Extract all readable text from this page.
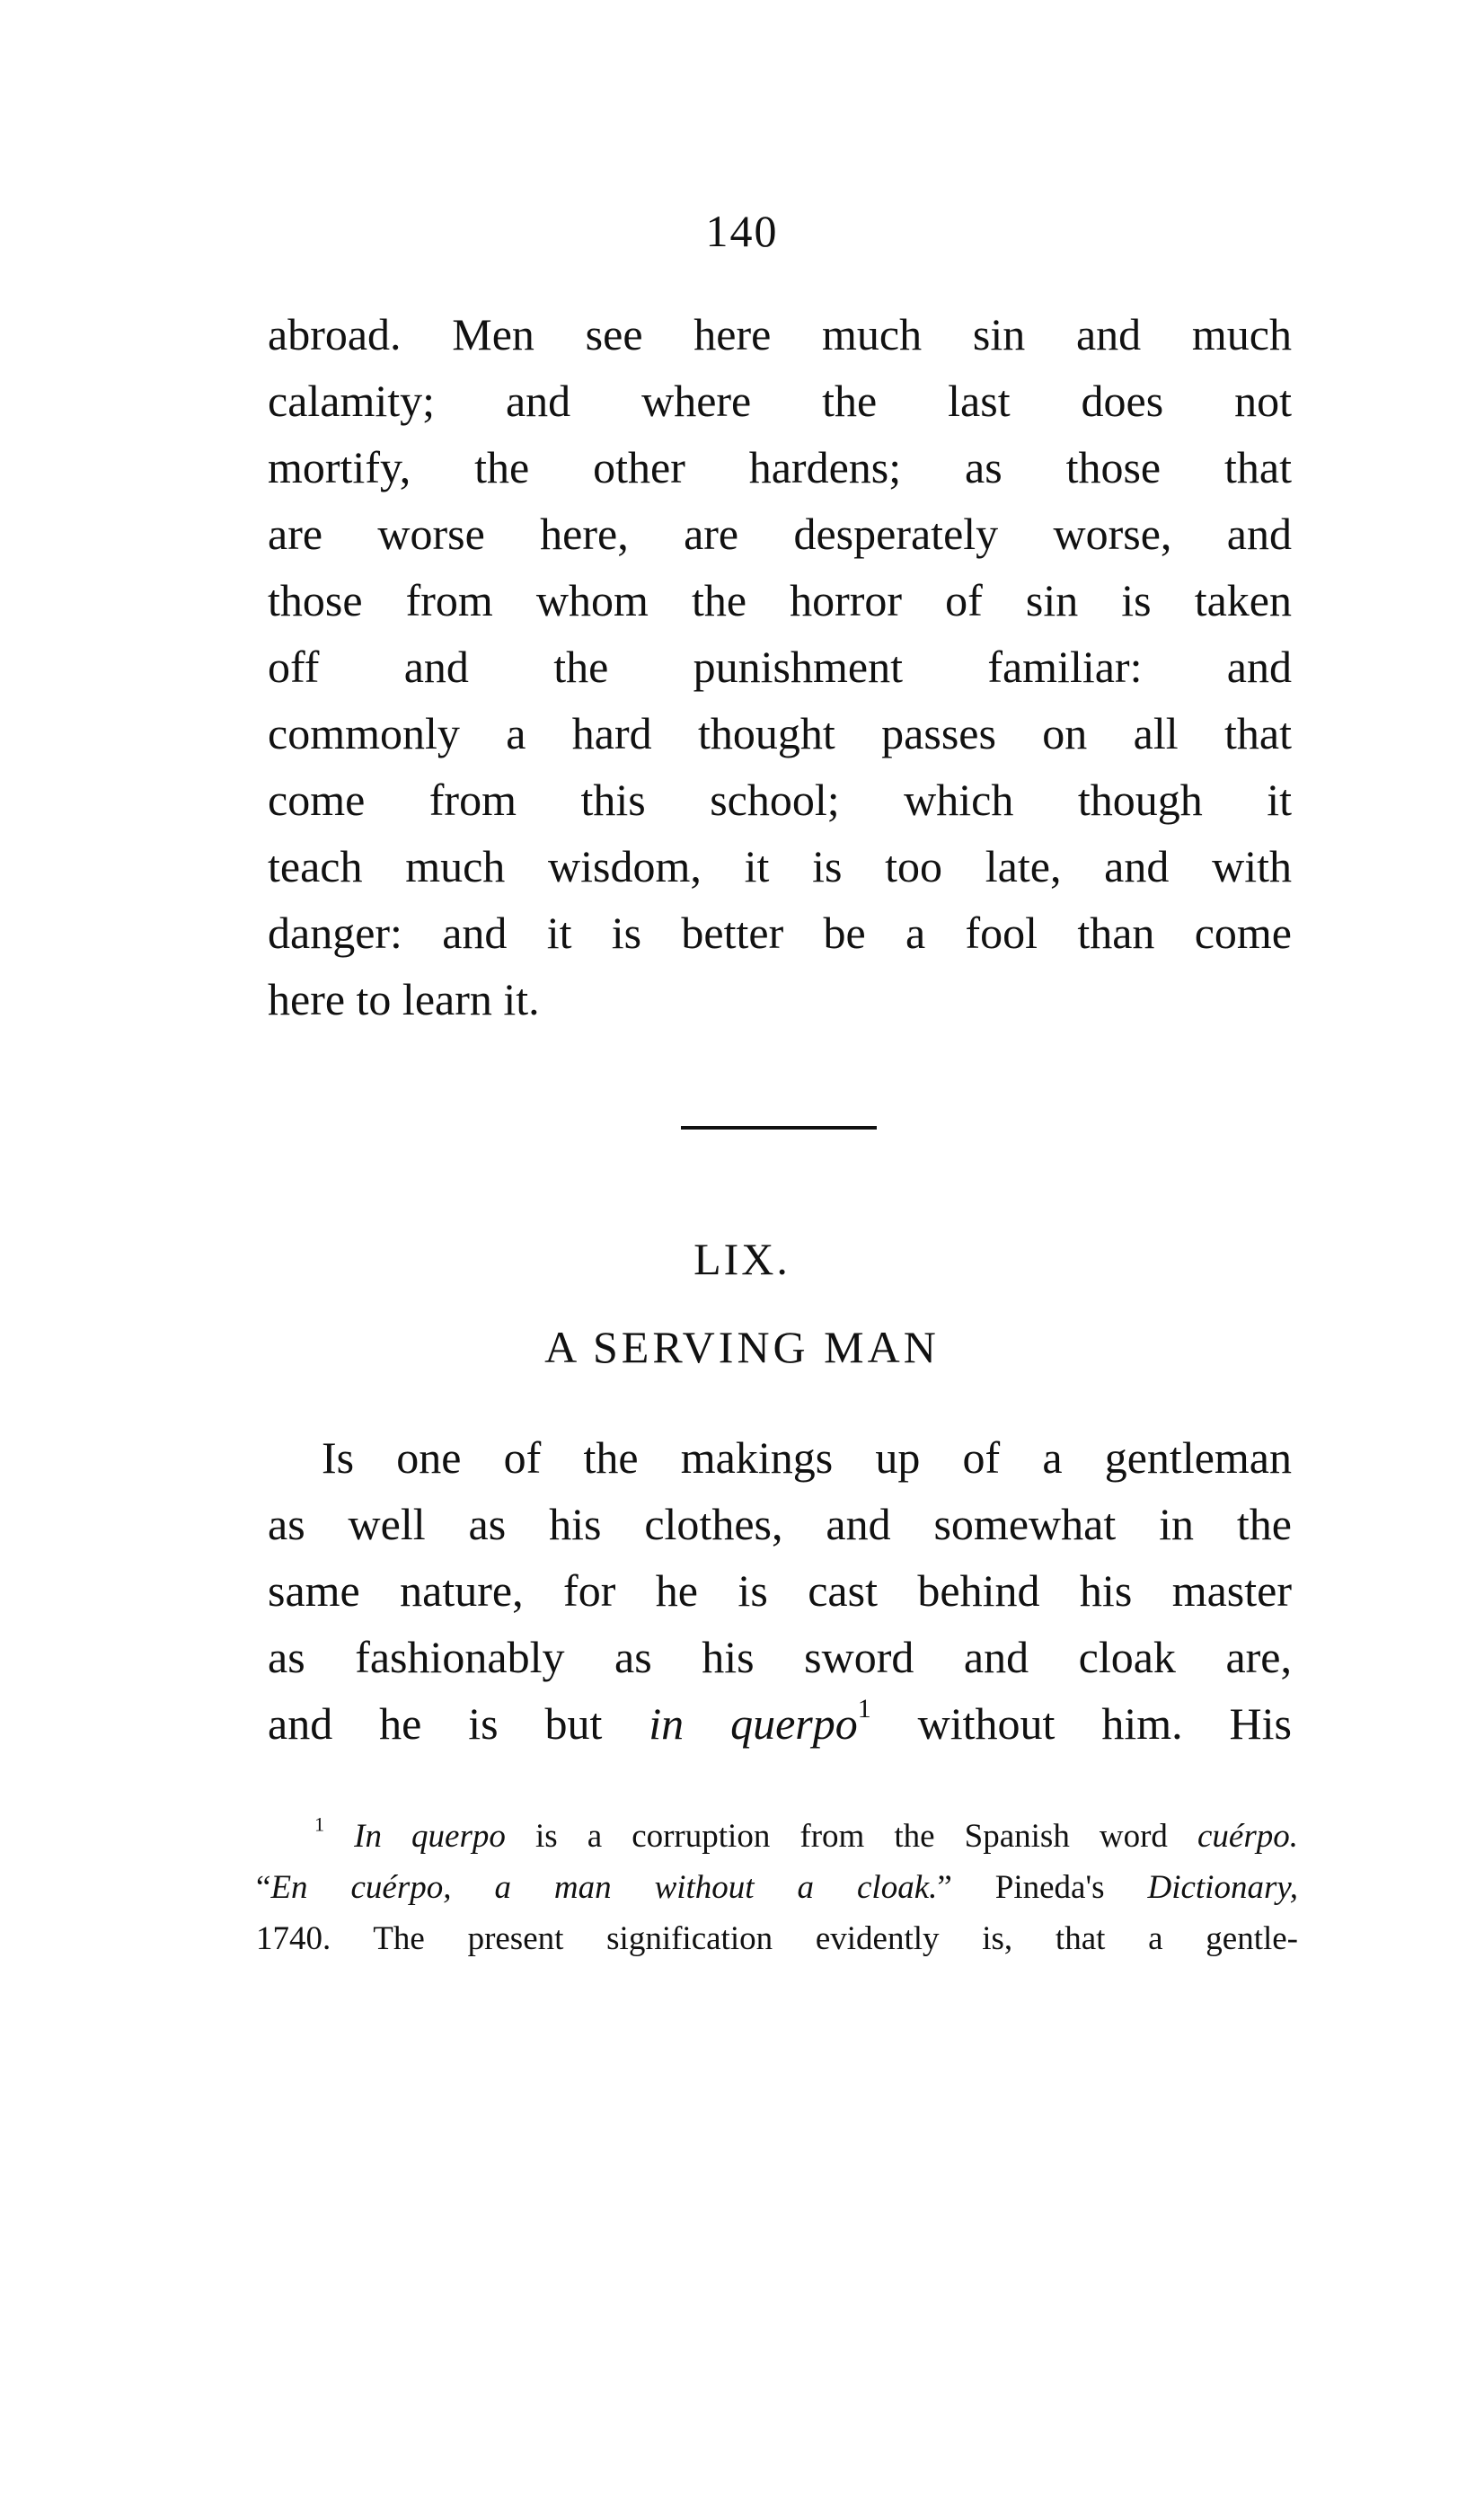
140
abroad. Men see here much sin and much
calamity; and where the last does not
mortify, the other hardens; as those that
are worse here, are desperately worse, and
those from whom the horror of sin is taken
off and the punishment familiar: and
commonly a hard thought passes on all that
come from this school; which though it
teach much wisdom, it is too late, and with
danger: and it is better be a fool than come
here to learn it.
LIX.
A SERVING MAN
Is one of the makings up of a gentleman
as well as his clothes, and somewhat in the
same nature, for he is cast behind his master
as fashionably as his sword and cloak are,
and he is but in querpo$^1$ without him. His
$^1$ In querpo is a corruption from the Spanish word cuérpo.
“En cuérpo, a man without a cloak.” Pineda's Dictionary,
1740. The present signification evidently is, that a gentle-
